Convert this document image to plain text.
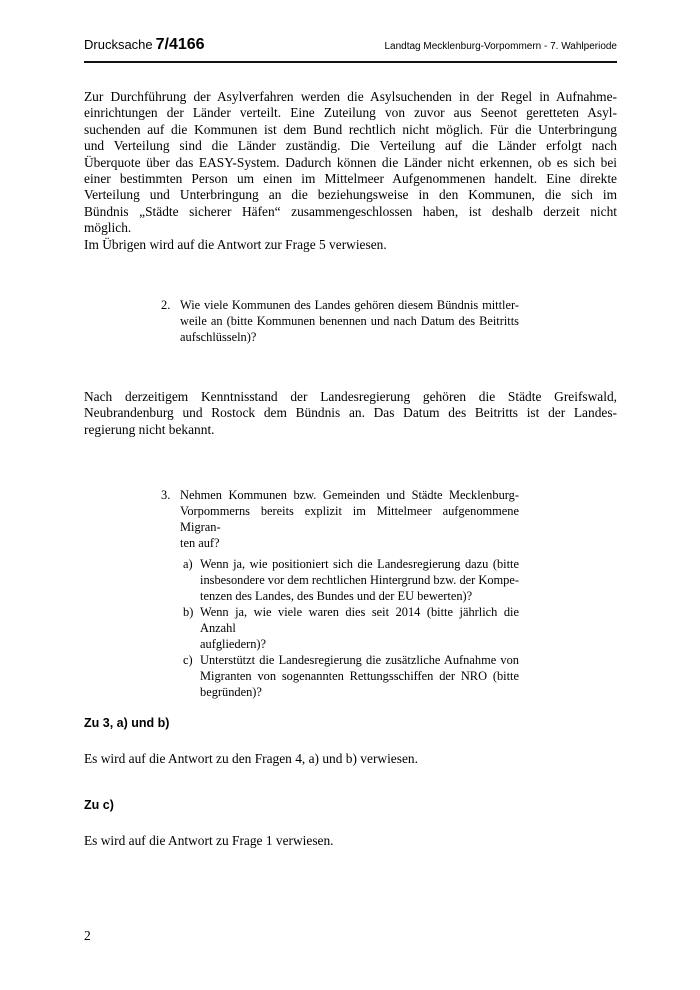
Drucksache 7/4166	Landtag Mecklenburg-Vorpommern - 7. Wahlperiode
Zur Durchführung der Asylverfahren werden die Asylsuchenden in der Regel in Aufnahme-
einrichtungen der Länder verteilt. Eine Zuteilung von zuvor aus Seenot geretteten Asyl-
suchenden auf die Kommunen ist dem Bund rechtlich nicht möglich. Für die Unterbringung
und Verteilung sind die Länder zuständig. Die Verteilung auf die Länder erfolgt nach
Überquote über das EASY-System. Dadurch können die Länder nicht erkennen, ob es sich bei
einer bestimmten Person um einen im Mittelmeer Aufgenommenen handelt. Eine direkte
Verteilung und Unterbringung an die beziehungsweise in den Kommunen, die sich im
Bündnis „Städte sicherer Häfen“ zusammengeschlossen haben, ist deshalb derzeit nicht
möglich.
Im Übrigen wird auf die Antwort zur Frage 5 verwiesen.
2. Wie viele Kommunen des Landes gehören diesem Bündnis mittler-
weile an (bitte Kommunen benennen und nach Datum des Beitritts
aufschlüsseln)?
Nach derzeitigem Kenntnisstand der Landesregierung gehören die Städte Greifswald,
Neubrandenburg und Rostock dem Bündnis an. Das Datum des Beitritts ist der Landes-
regierung nicht bekannt.
3. Nehmen Kommunen bzw. Gemeinden und Städte Mecklenburg-
Vorpommerns bereits explizit im Mittelmeer aufgenommene Migran-
ten auf?
a) Wenn ja, wie positioniert sich die Landesregierung dazu (bitte
insbesondere vor dem rechtlichen Hintergrund bzw. der Kompe-
tenzen des Landes, des Bundes und der EU bewerten)?
b) Wenn ja, wie viele waren dies seit 2014 (bitte jährlich die Anzahl
aufgliedern)?
c) Unterstützt die Landesregierung die zusätzliche Aufnahme von
Migranten von sogenannten Rettungsschiffen der NRO (bitte
begründen)?
Zu 3, a) und b)

Es wird auf die Antwort zu den Fragen 4, a) und b) verwiesen.

Zu c)

Es wird auf die Antwort zu Frage 1 verwiesen.

2
